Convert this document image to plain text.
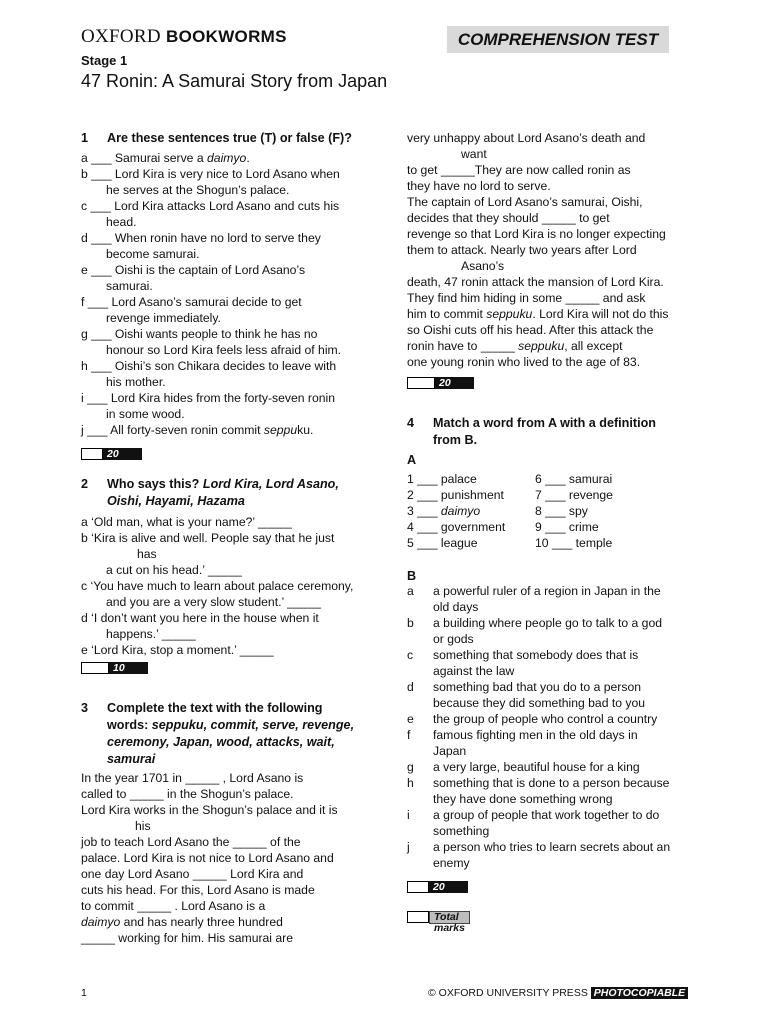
OXFORD BOOKWORMS	COMPREHENSION TEST
Stage 1
47 Ronin: A Samurai Story from Japan
1 Are these sentences true (T) or false (F)?
a ___ Samurai serve a daimyo.
b ___ Lord Kira is very nice to Lord Asano when
he serves at the Shogun’s palace.
c ___ Lord Kira attacks Lord Asano and cuts his
head.
d ___ When ronin have no lord to serve they
become samurai.
e ___ Oishi is the captain of Lord Asano’s
samurai.
f ___ Lord Asano’s samurai decide to get
revenge immediately.
g ___ Oishi wants people to think he has no
honour so Lord Kira feels less afraid of him.
h ___ Oishi’s son Chikara decides to leave with
his mother.
i ___ Lord Kira hides from the forty-seven ronin
in some wood.
j ___ All forty-seven ronin commit seppuku.
20 marks
2 Who says this? Lord Kira, Lord Asano,
Oishi, Hayami, Hazama
a ‘Old man, what is your name?’ _____
b ‘Kira is alive and well. People say that he just
has
a cut on his head.’ _____
c ‘You have much to learn about palace ceremony,
and you are a very slow student.’ _____
d ‘I don’t want you here in the house when it
happens.’ _____
e ‘Lord Kira, stop a moment.’ _____
10 marks
3 Complete the text with the following
words: seppuku, commit, serve, revenge,
ceremony, Japan, wood, attacks, wait,
samurai
In the year 1701 in _____ , Lord Asano is
called to _____ in the Shogun’s palace.
Lord Kira works in the Shogun’s palace and it is
his
job to teach Lord Asano the _____ of the
palace. Lord Kira is not nice to Lord Asano and
one day Lord Asano _____ Lord Kira and
cuts his head. For this, Lord Asano is made
to commit _____ . Lord Asano is a
daimyo and has nearly three hundred
_____ working for him. His samurai are
very unhappy about Lord Asano’s death and
want
to get _____They are now called ronin as
they have no lord to serve.
The captain of Lord Asano’s samurai, Oishi,
decides that they should _____ to get
revenge so that Lord Kira is no longer expecting
them to attack. Nearly two years after Lord
Asano’s
death, 47 ronin attack the mansion of Lord Kira.
They find him hiding in some _____ and ask
him to commit seppuku. Lord Kira will not do this
so Oishi cuts off his head. After this attack the
ronin have to _____ seppuku, all except
one young ronin who lived to the age of 83.
20 marks
4 Match a word from A with a definition
from B.
A
1 ___ palace	6 ___ samurai
2 ___ punishment	7 ___ revenge
3 ___ daimyo	8 ___ spy
4 ___ government 9 ___ crime
5 ___ league	10 ___ temple
B
a a powerful ruler of a region in Japan in the
old days
b a building where people go to talk to a god
or gods
c something that somebody does that is
against the law
d something bad that you do to a person
because they did something bad to you
e the group of people who control a country
f famous fighting men in the old days in
Japan
g a very large, beautiful house for a king
h something that is done to a person because
they have done something wrong
i a group of people that work together to do
something
j a person who tries to learn secrets about an
enemy
20 marks
Total marks
1	© OXFORD UNIVERSITY PRESS PHOTOCOPIABLE
